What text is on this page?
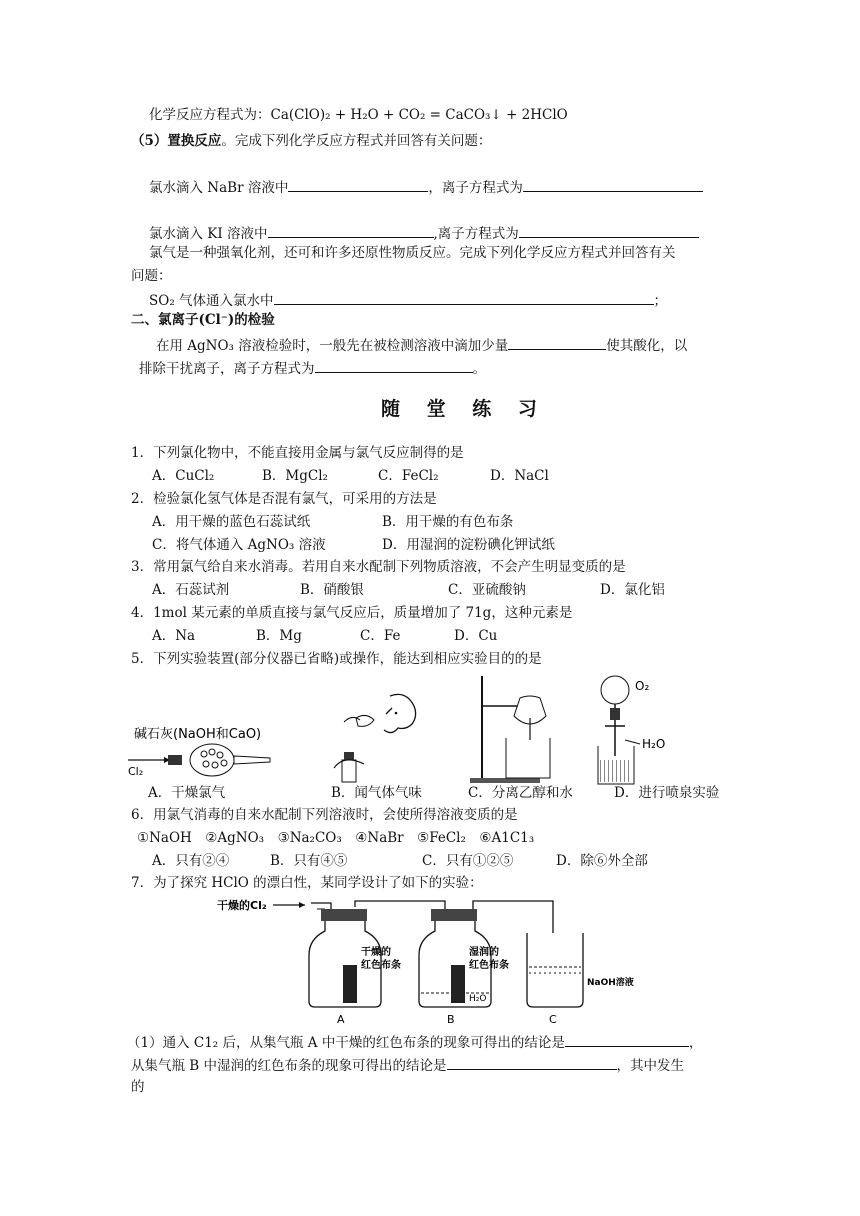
化学反应方程式为：Ca(ClO)₂ + H₂O + CO₂ = CaCO₃↓ + 2HClO
（5）置换反应。完成下列化学反应方程式并回答有关问题：
氯水滴入 NaBr 溶液中	，离子方程式为
氯水滴入 KI 溶液中	,离子方程式为
氯气是一种强氧化剂，还可和许多还原性物质反应。完成下列化学反应方程式并回答有关
问题：
SO₂ 气体通入氯水中	；
二、氯离子(Cl⁻)的检验
在用 AgNO₃ 溶液检验时，一般先在被检测溶液中滴加少量	使其酸化，以
排除干扰离子，离子方程式为	。
随 堂 练 习
1．下列氯化物中，不能直接用金属与氯气反应制得的是
A．CuCl₂	B．MgCl₂	C．FeCl₂	D．NaCl
2．检验氯化氢气体是否混有氯气，可采用的方法是
A．用干燥的蓝色石蕊试纸	B．用干燥的有色布条
C．将气体通入 AgNO₃ 溶液	D．用湿润的淀粉碘化钾试纸
3．常用氯气给自来水消毒。若用自来水配制下列物质溶液，不会产生明显变质的是
A．石蕊试剂	B．硝酸银	C．亚硫酸钠	D．氯化铝
4．1mol 某元素的单质直接与氯气反应后，质量增加了 71g，这种元素是
A．Na	B．Mg	C．Fe	D．Cu
5．下列实验装置(部分仪器已省略)或操作，能达到相应实验目的的是
碱石灰(NaOH和CaO)
Cl₂
O₂
H₂O
A．干燥氯气	B．闻气体气味	C．分离乙醇和水	D．进行喷泉实验
6．用氯气消毒的自来水配制下列溶液时，会使所得溶液变质的是
①NaOH　②AgNO₃　③Na₂CO₃　④NaBr　⑤FeCl₂　⑥A1C1₃
A．只有②④	B．只有④⑤	C．只有①②⑤	D．除⑥外全部
7．为了探究 HClO 的漂白性，某同学设计了如下的实验：
干燥的Cl₂
干燥的
红色布条
A
湿润的
红色布条
H₂O
B
NaOH溶液
C
（1）通入 C1₂ 后，从集气瓶 A 中干燥的红色布条的现象可得出的结论是	，
从集气瓶 B 中湿润的红色布条的现象可得出的结论是	，其中发生
的
